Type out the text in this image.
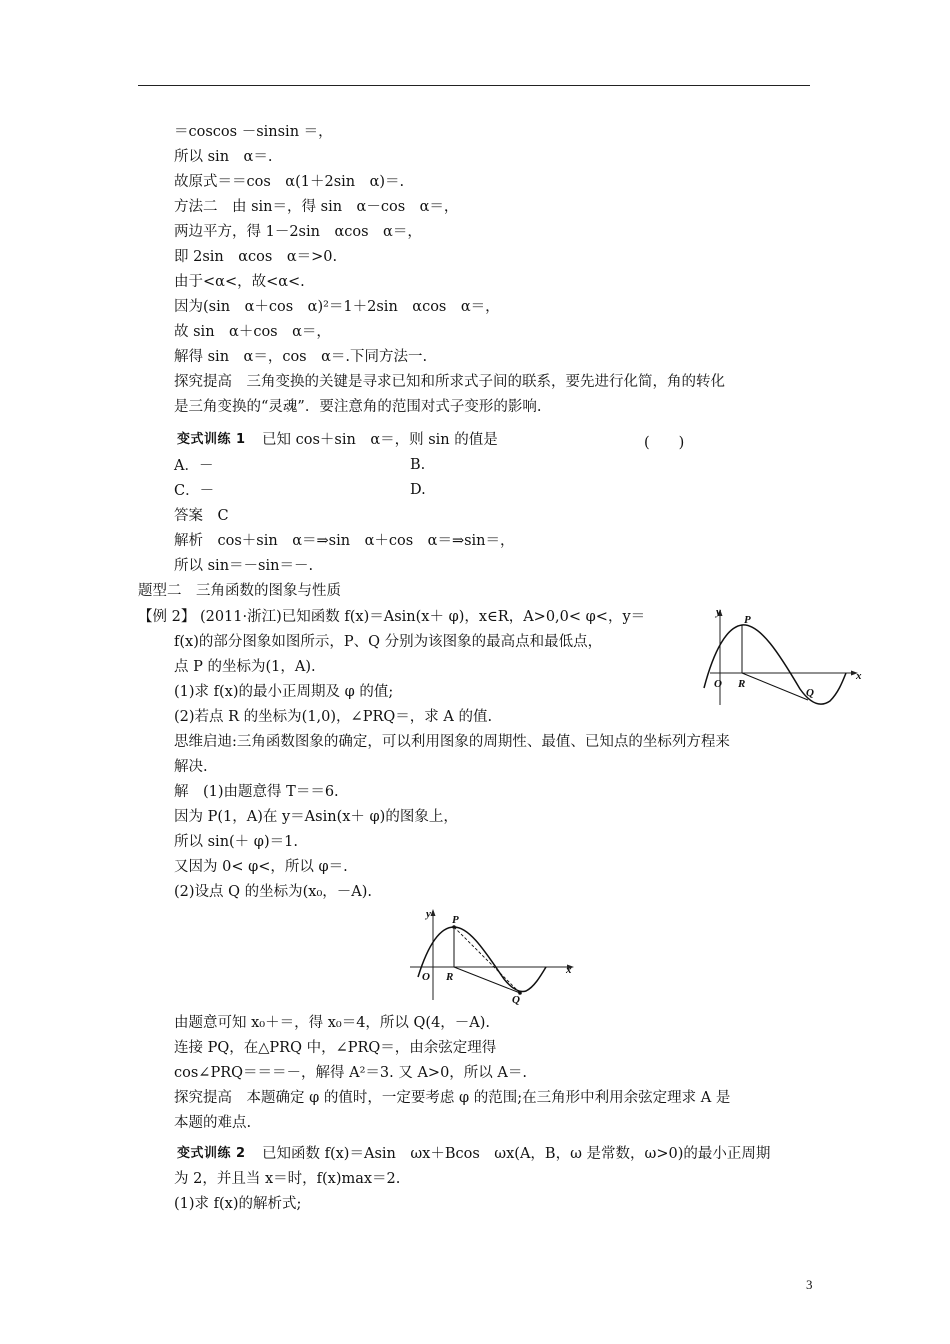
＝coscos －sinsin ＝，
所以 sin　α＝.
故原式＝＝cos　α(1＋2sin　α)＝.
方法二　由 sin＝，得 sin　α－cos　α＝，
两边平方，得 1－2sin　αcos　α＝，
即 2sin　αcos　α＝>0.
由于<α<，故<α<.
因为(sin　α＋cos　α)²＝1＋2sin　αcos　α＝，
故 sin　α＋cos　α＝，
解得 sin　α＝，cos　α＝.下同方法一.
探究提高　三角变换的关键是寻求已知和所求式子间的联系，要先进行化简，角的转化
是三角变换的“灵魂”．要注意角的范围对式子变形的影响.
变式训练 1 已知 cos＋sin　α＝，则 sin 的值是	(　　)
A．－	B.
C．－	D.
答案　C
解析　cos＋sin　α＝⇒sin　α＋cos　α＝⇒sin＝，
所以 sin＝－sin＝－.
题型二　三角函数的图象与性质
【例 2】 (2011·浙江)已知函数 f(x)＝Asin(x＋ φ)，x∈R，A>0,0< φ<，y＝
f(x)的部分图象如图所示，P、Q 分别为该图象的最高点和最低点，
点 P 的坐标为(1，A).
(1)求 f(x)的最小正周期及 φ 的值;
(2)若点 R 的坐标为(1,0)，∠PRQ＝，求 A 的值.
思维启迪:三角函数图象的确定，可以利用图象的周期性、最值、已知点的坐标列方程来
解决.
解　(1)由题意得 T＝＝6.
因为 P(1，A)在 y＝Asin(x＋ φ)的图象上，
所以 sin(＋ φ)＝1.
又因为 0< φ<，所以 φ＝.
(2)设点 Q 的坐标为(x₀，－A).
y
x
O R
P
Q
y
x
O R
P
Q
由题意可知 x₀＋＝，得 x₀＝4，所以 Q(4，－A).
连接 PQ，在△PRQ 中，∠PRQ＝，由余弦定理得
cos∠PRQ＝＝＝－，解得 A²＝3. 又 A>0，所以 A＝.
探究提高　本题确定 φ 的值时，一定要考虑 φ 的范围;在三角形中利用余弦定理求 A 是
本题的难点.
变式训练 2 已知函数 f(x)＝Asin　ωx＋Bcos　ωx(A，B，ω 是常数，ω>0)的最小正周期
为 2，并且当 x＝时，f(x)max＝2.
(1)求 f(x)的解析式;
3
